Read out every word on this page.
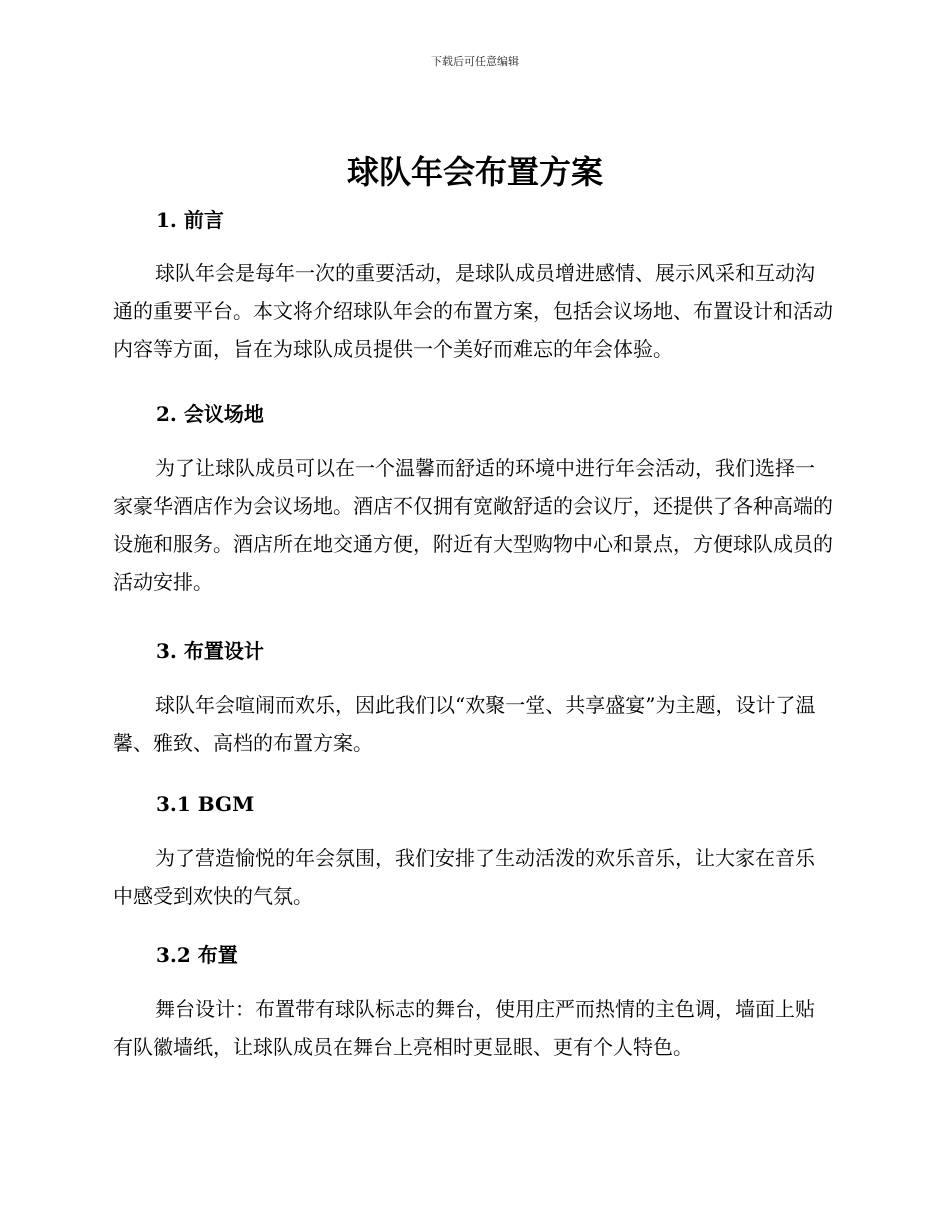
下载后可任意编辑
球队年会布置方案
1. 前言

球队年会是每年一次的重要活动，是球队成员增进感情、展示风采和互动沟通的重要平台。本文将介绍球队年会的布置方案，包括会议场地、布置设计和活动内容等方面，旨在为球队成员提供一个美好而难忘的年会体验。

2. 会议场地

为了让球队成员可以在一个温馨而舒适的环境中进行年会活动，我们选择一家豪华酒店作为会议场地。酒店不仅拥有宽敞舒适的会议厅，还提供了各种高端的设施和服务。酒店所在地交通方便，附近有大型购物中心和景点，方便球队成员的活动安排。

3. 布置设计

球队年会喧闹而欢乐，因此我们以“欢聚一堂、共享盛宴”为主题，设计了温馨、雅致、高档的布置方案。

3.1 BGM

为了营造愉悦的年会氛围，我们安排了生动活泼的欢乐音乐，让大家在音乐中感受到欢快的气氛。

3.2 布置

舞台设计：布置带有球队标志的舞台，使用庄严而热情的主色调，墙面上贴有队徽墙纸，让球队成员在舞台上亮相时更显眼、更有个人特色。
